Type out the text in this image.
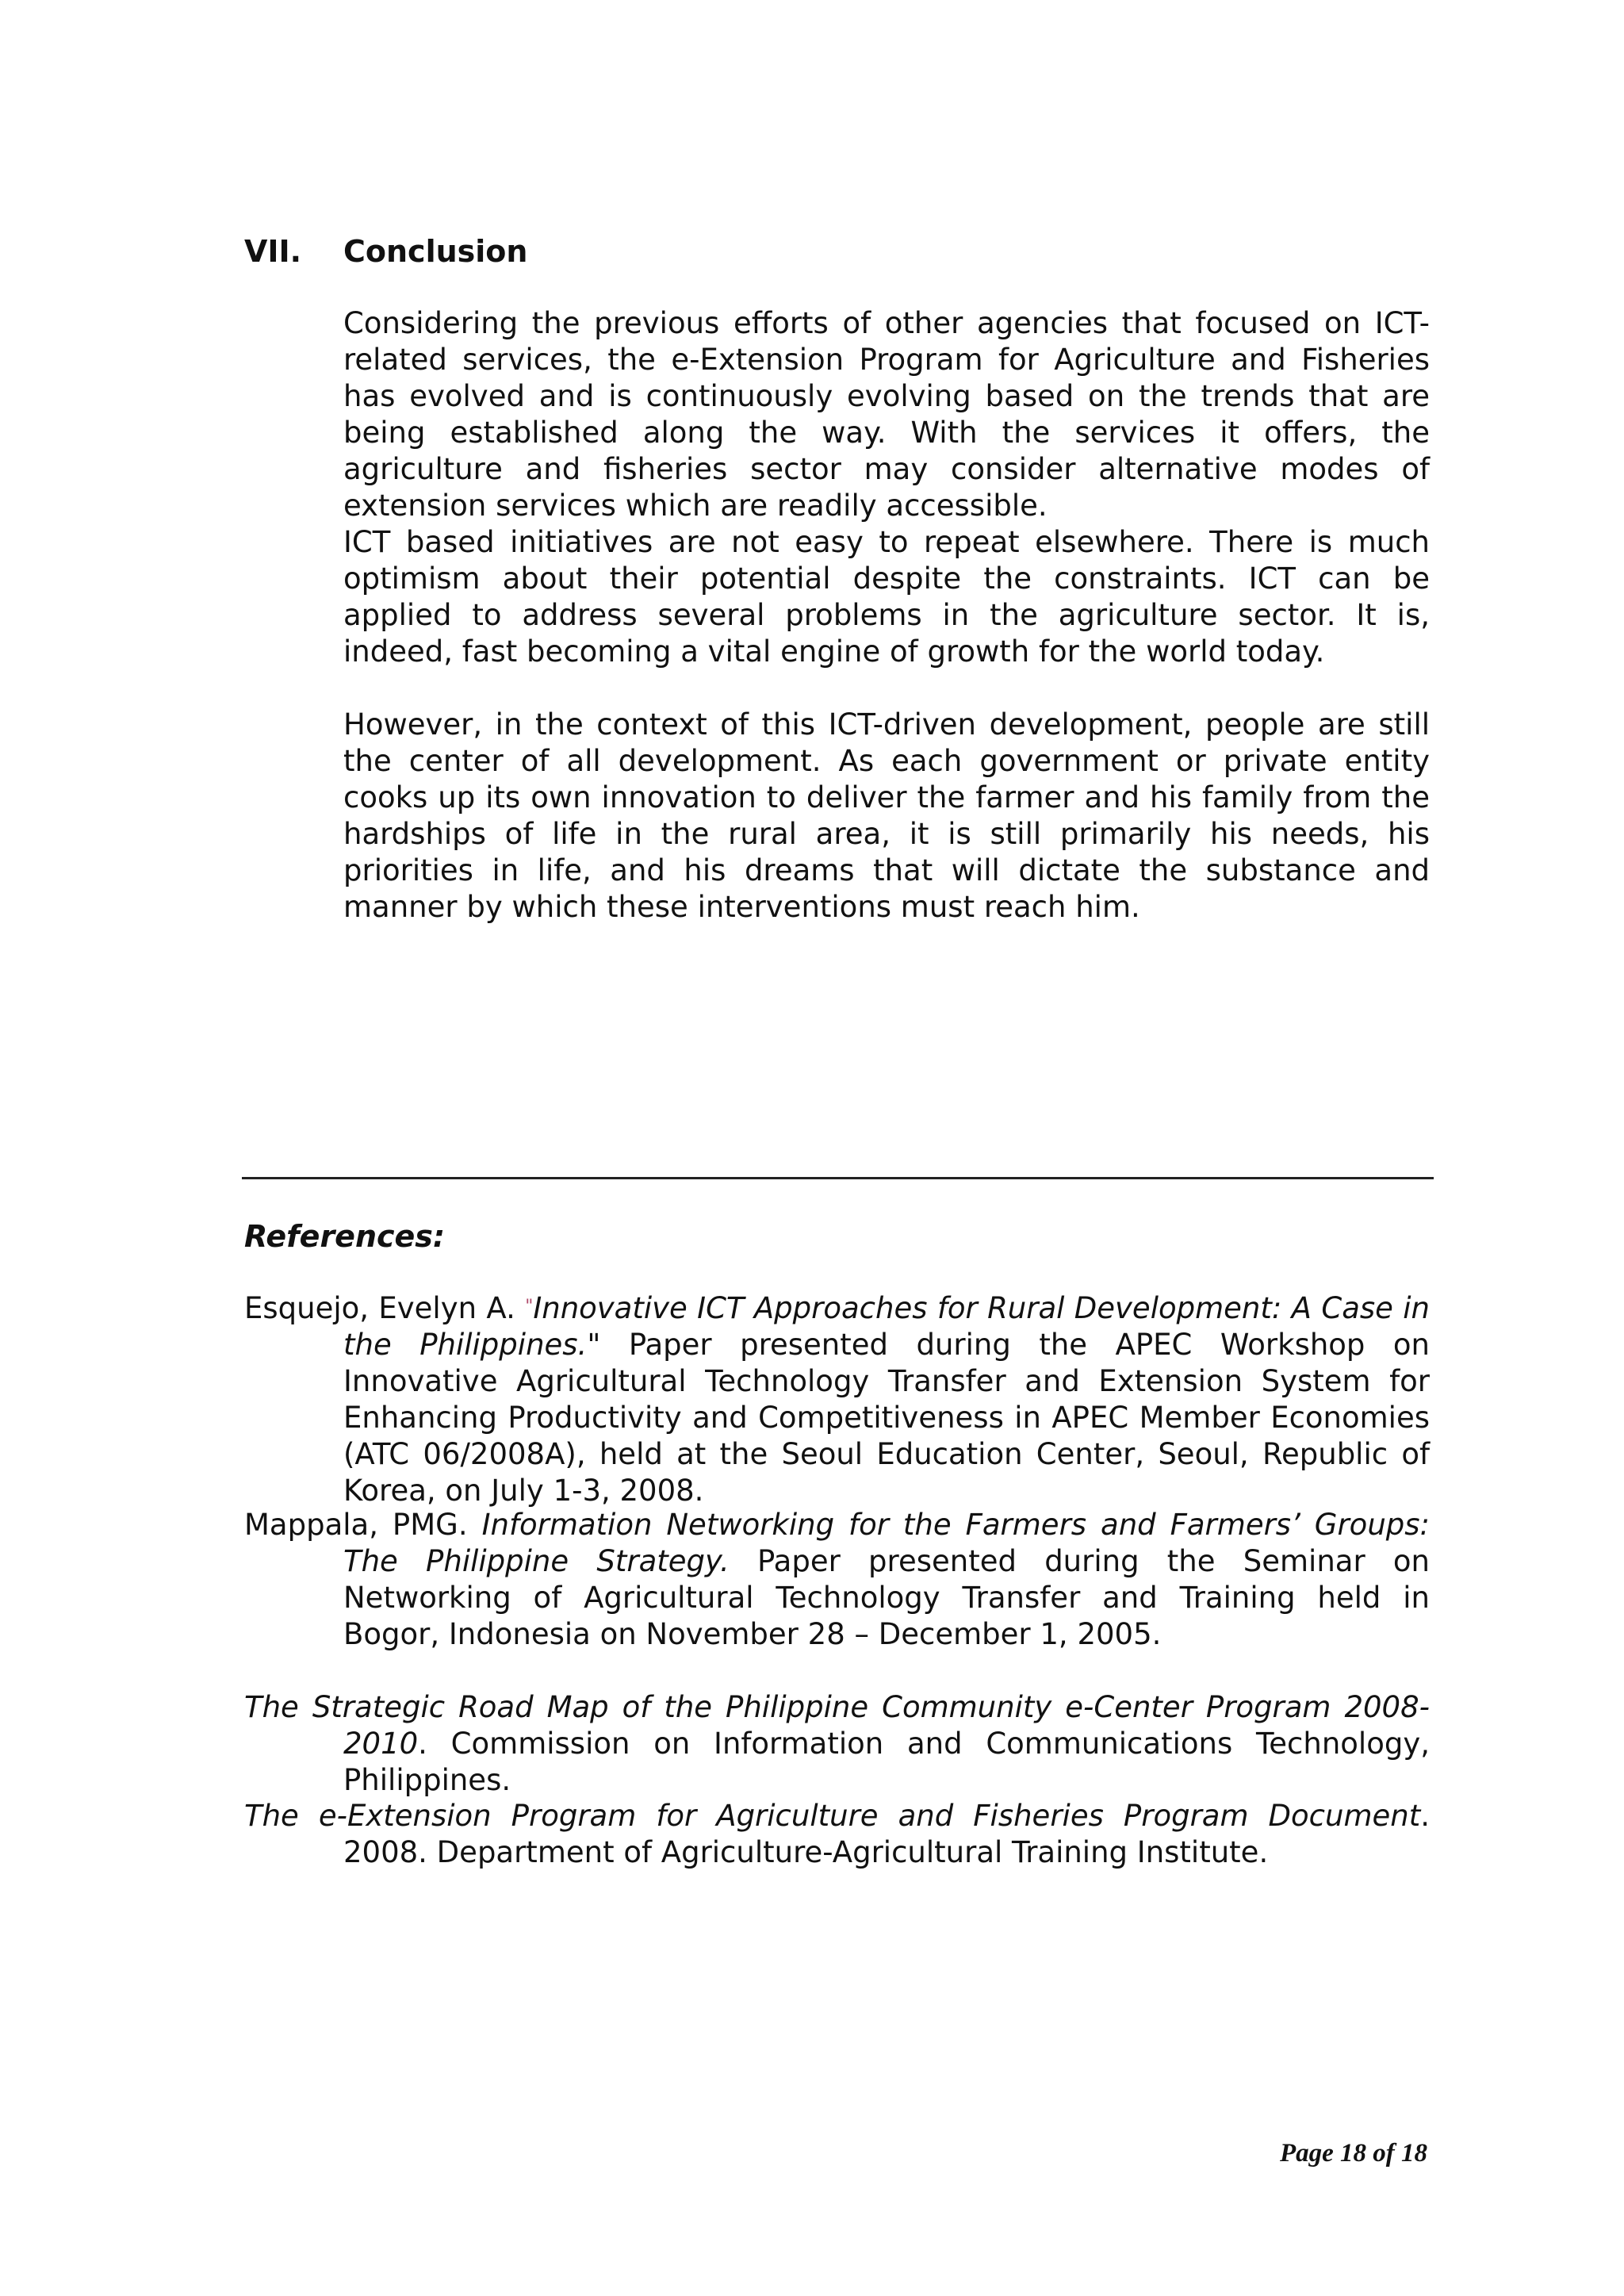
VII. Conclusion

Considering the previous efforts of other agencies that focused on ICT-related services, the e-Extension Program for Agriculture and Fisheries has evolved and is continuously evolving based on the trends that are being established along the way. With the services it offers, the agriculture and fisheries sector may consider alternative modes of extension services which are readily accessible.

ICT based initiatives are not easy to repeat elsewhere. There is much optimism about their potential despite the constraints. ICT can be applied to address several problems in the agriculture sector. It is, indeed, fast becoming a vital engine of growth for the world today.

However, in the context of this ICT-driven development, people are still the center of all development. As each government or private entity cooks up its own innovation to deliver the farmer and his family from the hardships of life in the rural area, it is still primarily his needs, his priorities in life, and his dreams that will dictate the substance and manner by which these interventions must reach him.

References:

Esquejo, Evelyn A. "Innovative ICT Approaches for Rural Development: A Case in the Philippines." Paper presented during the APEC Workshop on Innovative Agricultural Technology Transfer and Extension System for Enhancing Productivity and Competitiveness in APEC Member Economies (ATC 06/2008A), held at the Seoul Education Center, Seoul, Republic of Korea, on July 1-3, 2008.

Mappala, PMG. Information Networking for the Farmers and Farmers’ Groups: The Philippine Strategy. Paper presented during the Seminar on Networking of Agricultural Technology Transfer and Training held in Bogor, Indonesia on November 28 – December 1, 2005.

The Strategic Road Map of the Philippine Community e-Center Program 2008-2010. Commission on Information and Communications Technology, Philippines.

The e-Extension Program for Agriculture and Fisheries Program Document. 2008. Department of Agriculture-Agricultural Training Institute.

Page 18 of 18
